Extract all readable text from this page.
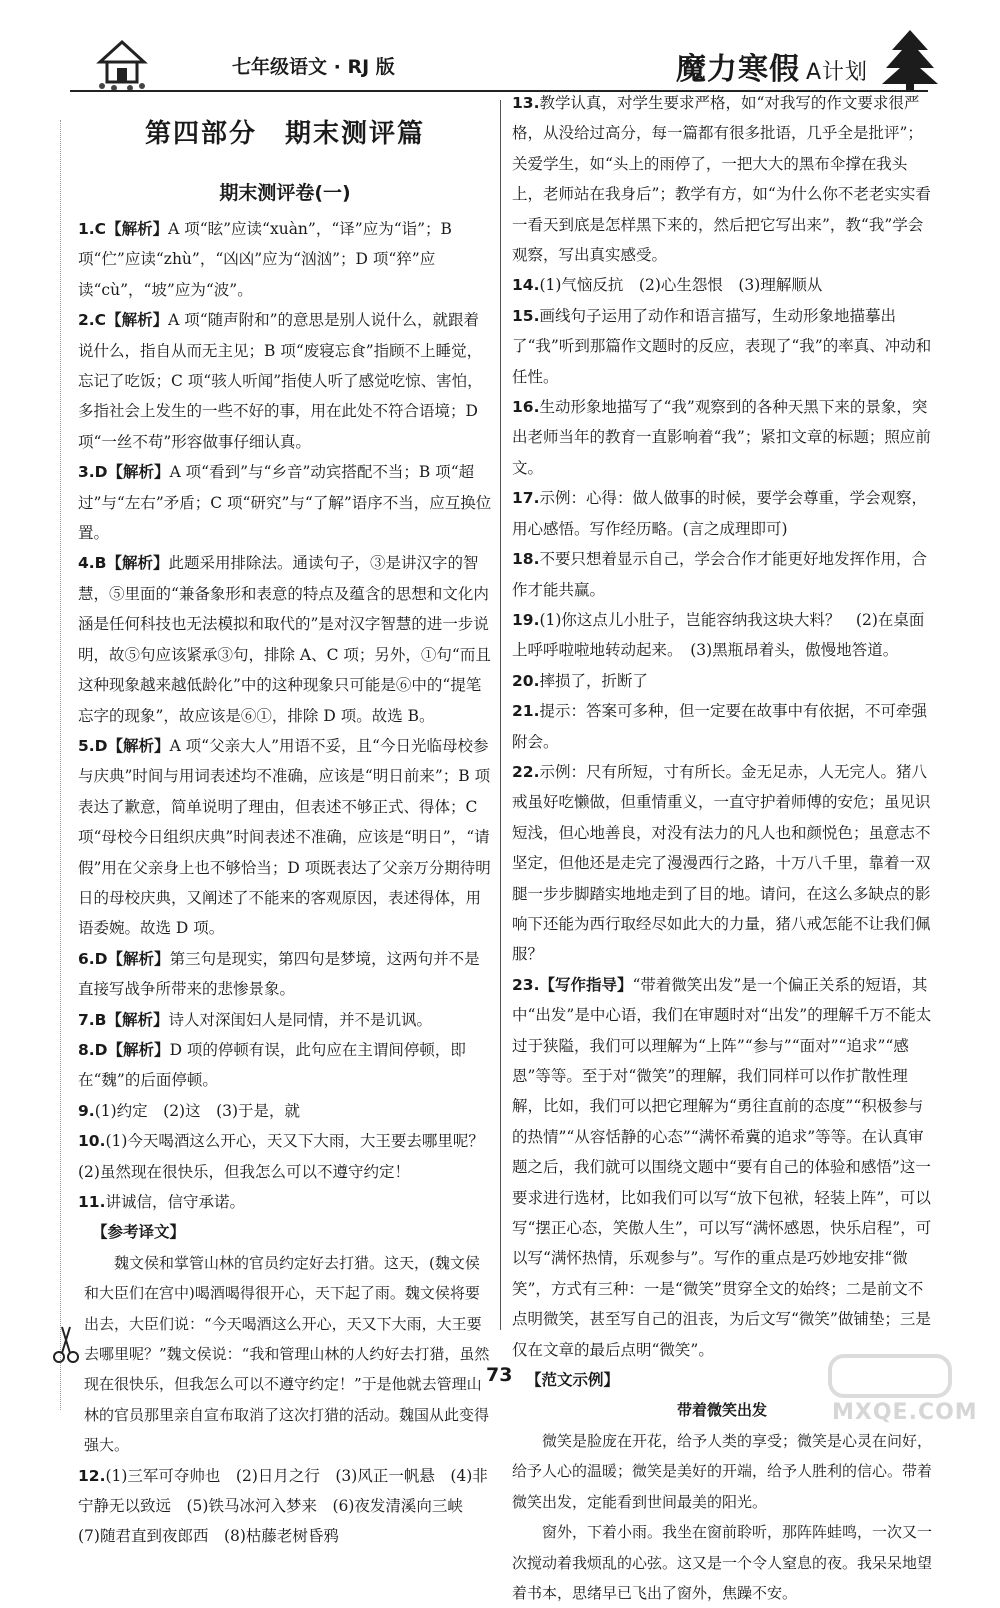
七年级语文 · RJ 版	魔力寒假 A计划
第四部分　期末测评篇
期末测评卷(一)

1.C【解析】A 项“眩”应读“xuàn”，“译”应为“诣”；B 项“伫”应读“zhù”，“凶凶”应为“汹汹”；D 项“猝”应读“cù”，“坡”应为“波”。

2.C【解析】A 项“随声附和”的意思是别人说什么，就跟着说什么，指自从而无主见；B 项“废寝忘食”指顾不上睡觉，忘记了吃饭；C 项“骇人听闻”指使人听了感觉吃惊、害怕，多指社会上发生的一些不好的事，用在此处不符合语境；D 项“一丝不苟”形容做事仔细认真。

3.D【解析】A 项“看到”与“乡音”动宾搭配不当；B 项“超过”与“左右”矛盾；C 项“研究”与“了解”语序不当，应互换位置。

4.B【解析】此题采用排除法。通读句子，③是讲汉字的智慧，⑤里面的“兼备象形和表意的特点及蕴含的思想和文化内涵是任何科技也无法模拟和取代的”是对汉字智慧的进一步说明，故⑤句应该紧承③句，排除 A、C 项；另外，①句“而且这种现象越来越低龄化”中的这种现象只可能是⑥中的“提笔忘字的现象”，故应该是⑥①，排除 D 项。故选 B。

5.D【解析】A 项“父亲大人”用语不妥，且“今日光临母校参与庆典”时间与用词表述均不准确，应该是“明日前来”；B 项表达了歉意，简单说明了理由，但表述不够正式、得体；C 项“母校今日组织庆典”时间表述不准确，应该是“明日”，“请假”用在父亲身上也不够恰当；D 项既表达了父亲万分期待明日的母校庆典，又阐述了不能来的客观原因，表述得体，用语委婉。故选 D 项。

6.D【解析】第三句是现实，第四句是梦境，这两句并不是直接写战争所带来的悲惨景象。

7.B【解析】诗人对深闺妇人是同情，并不是讥讽。

8.D【解析】D 项的停顿有误，此句应在主谓间停顿，即在“魏”的后面停顿。

9.(1)约定　(2)这　(3)于是，就

10.(1)今天喝酒这么开心，天又下大雨，大王要去哪里呢？　(2)虽然现在很快乐，但我怎么可以不遵守约定！

11.讲诚信，信守承诺。

【参考译文】
魏文侯和掌管山林的官员约定好去打猎。这天，(魏文侯和大臣们在宫中)喝酒喝得很开心，天下起了雨。魏文侯将要出去，大臣们说：“今天喝酒这么开心，天又下大雨，大王要去哪里呢？”魏文侯说：“我和管理山林的人约好去打猎，虽然现在很快乐，但我怎么可以不遵守约定！”于是他就去管理山林的官员那里亲自宣布取消了这次打猎的活动。魏国从此变得强大。

12.(1)三军可夺帅也　(2)日月之行　(3)风正一帆悬　(4)非宁静无以致远　(5)铁马冰河入梦来　(6)夜发清溪向三峡　(7)随君直到夜郎西　(8)枯藤老树昏鸦

13.教学认真，对学生要求严格，如“对我写的作文要求很严格，从没给过高分，每一篇都有很多批语，几乎全是批评”；关爱学生，如“头上的雨停了，一把大大的黑布伞撑在我头上，老师站在我身后”；教学有方，如“为什么你不老老实实看一看天到底是怎样黑下来的，然后把它写出来”，教“我”学会观察，写出真实感受。

14.(1)气恼反抗　(2)心生怨恨　(3)理解顺从

15.画线句子运用了动作和语言描写，生动形象地描摹出了“我”听到那篇作文题时的反应，表现了“我”的率真、冲动和任性。

16.生动形象地描写了“我”观察到的各种天黑下来的景象，突出老师当年的教育一直影响着“我”；紧扣文章的标题；照应前文。

17.示例：心得：做人做事的时候，要学会尊重，学会观察，用心感悟。写作经历略。(言之成理即可)

18.不要只想着显示自己，学会合作才能更好地发挥作用，合作才能共赢。

19.(1)你这点儿小肚子，岂能容纳我这块大料？　(2)在桌面上呼呼啦啦地转动起来。　(3)黑瓶昂着头，傲慢地答道。

20.摔损了，折断了

21.提示：答案可多种，但一定要在故事中有依据，不可牵强附会。

22.示例：尺有所短，寸有所长。金无足赤，人无完人。猪八戒虽好吃懒做，但重情重义，一直守护着师傅的安危；虽见识短浅，但心地善良，对没有法力的凡人也和颜悦色；虽意志不坚定，但他还是走完了漫漫西行之路，十万八千里，靠着一双腿一步步脚踏实地地走到了目的地。请问，在这么多缺点的影响下还能为西行取经尽如此大的力量，猪八戒怎能不让我们佩服？

23.【写作指导】“带着微笑出发”是一个偏正关系的短语，其中“出发”是中心语，我们在审题时对“出发”的理解千万不能太过于狭隘，我们可以理解为“上阵”“参与”“面对”“追求”“感恩”等等。至于对“微笑”的理解，我们同样可以作扩散性理解，比如，我们可以把它理解为“勇往直前的态度”“积极参与的热情”“从容恬静的心态”“满怀希冀的追求”等等。在认真审题之后，我们就可以围绕文题中“要有自己的体验和感悟”这一要求进行选材，比如我们可以写“放下包袱，轻装上阵”，可以写“摆正心态，笑傲人生”，可以写“满怀感恩，快乐启程”，可以写“满怀热情，乐观参与”。写作的重点是巧妙地安排“微笑”，方式有三种：一是“微笑”贯穿全文的始终；二是前文不点明微笑，甚至写自己的沮丧，为后文写“微笑”做铺垫；三是仅在文章的最后点明“微笑”。

【范文示例】
带着微笑出发

微笑是脸庞在开花，给予人类的享受；微笑是心灵在问好，给予人心的温暖；微笑是美好的开端，给予人胜利的信心。带着微笑出发，定能看到世间最美的阳光。

窗外，下着小雨。我坐在窗前聆听，那阵阵蛙鸣，一次又一次搅动着我烦乱的心弦。这又是一个令人窒息的夜。我呆呆地望着书本，思绪早已飞出了窗外，焦躁不安。

73
MXQE.COM
